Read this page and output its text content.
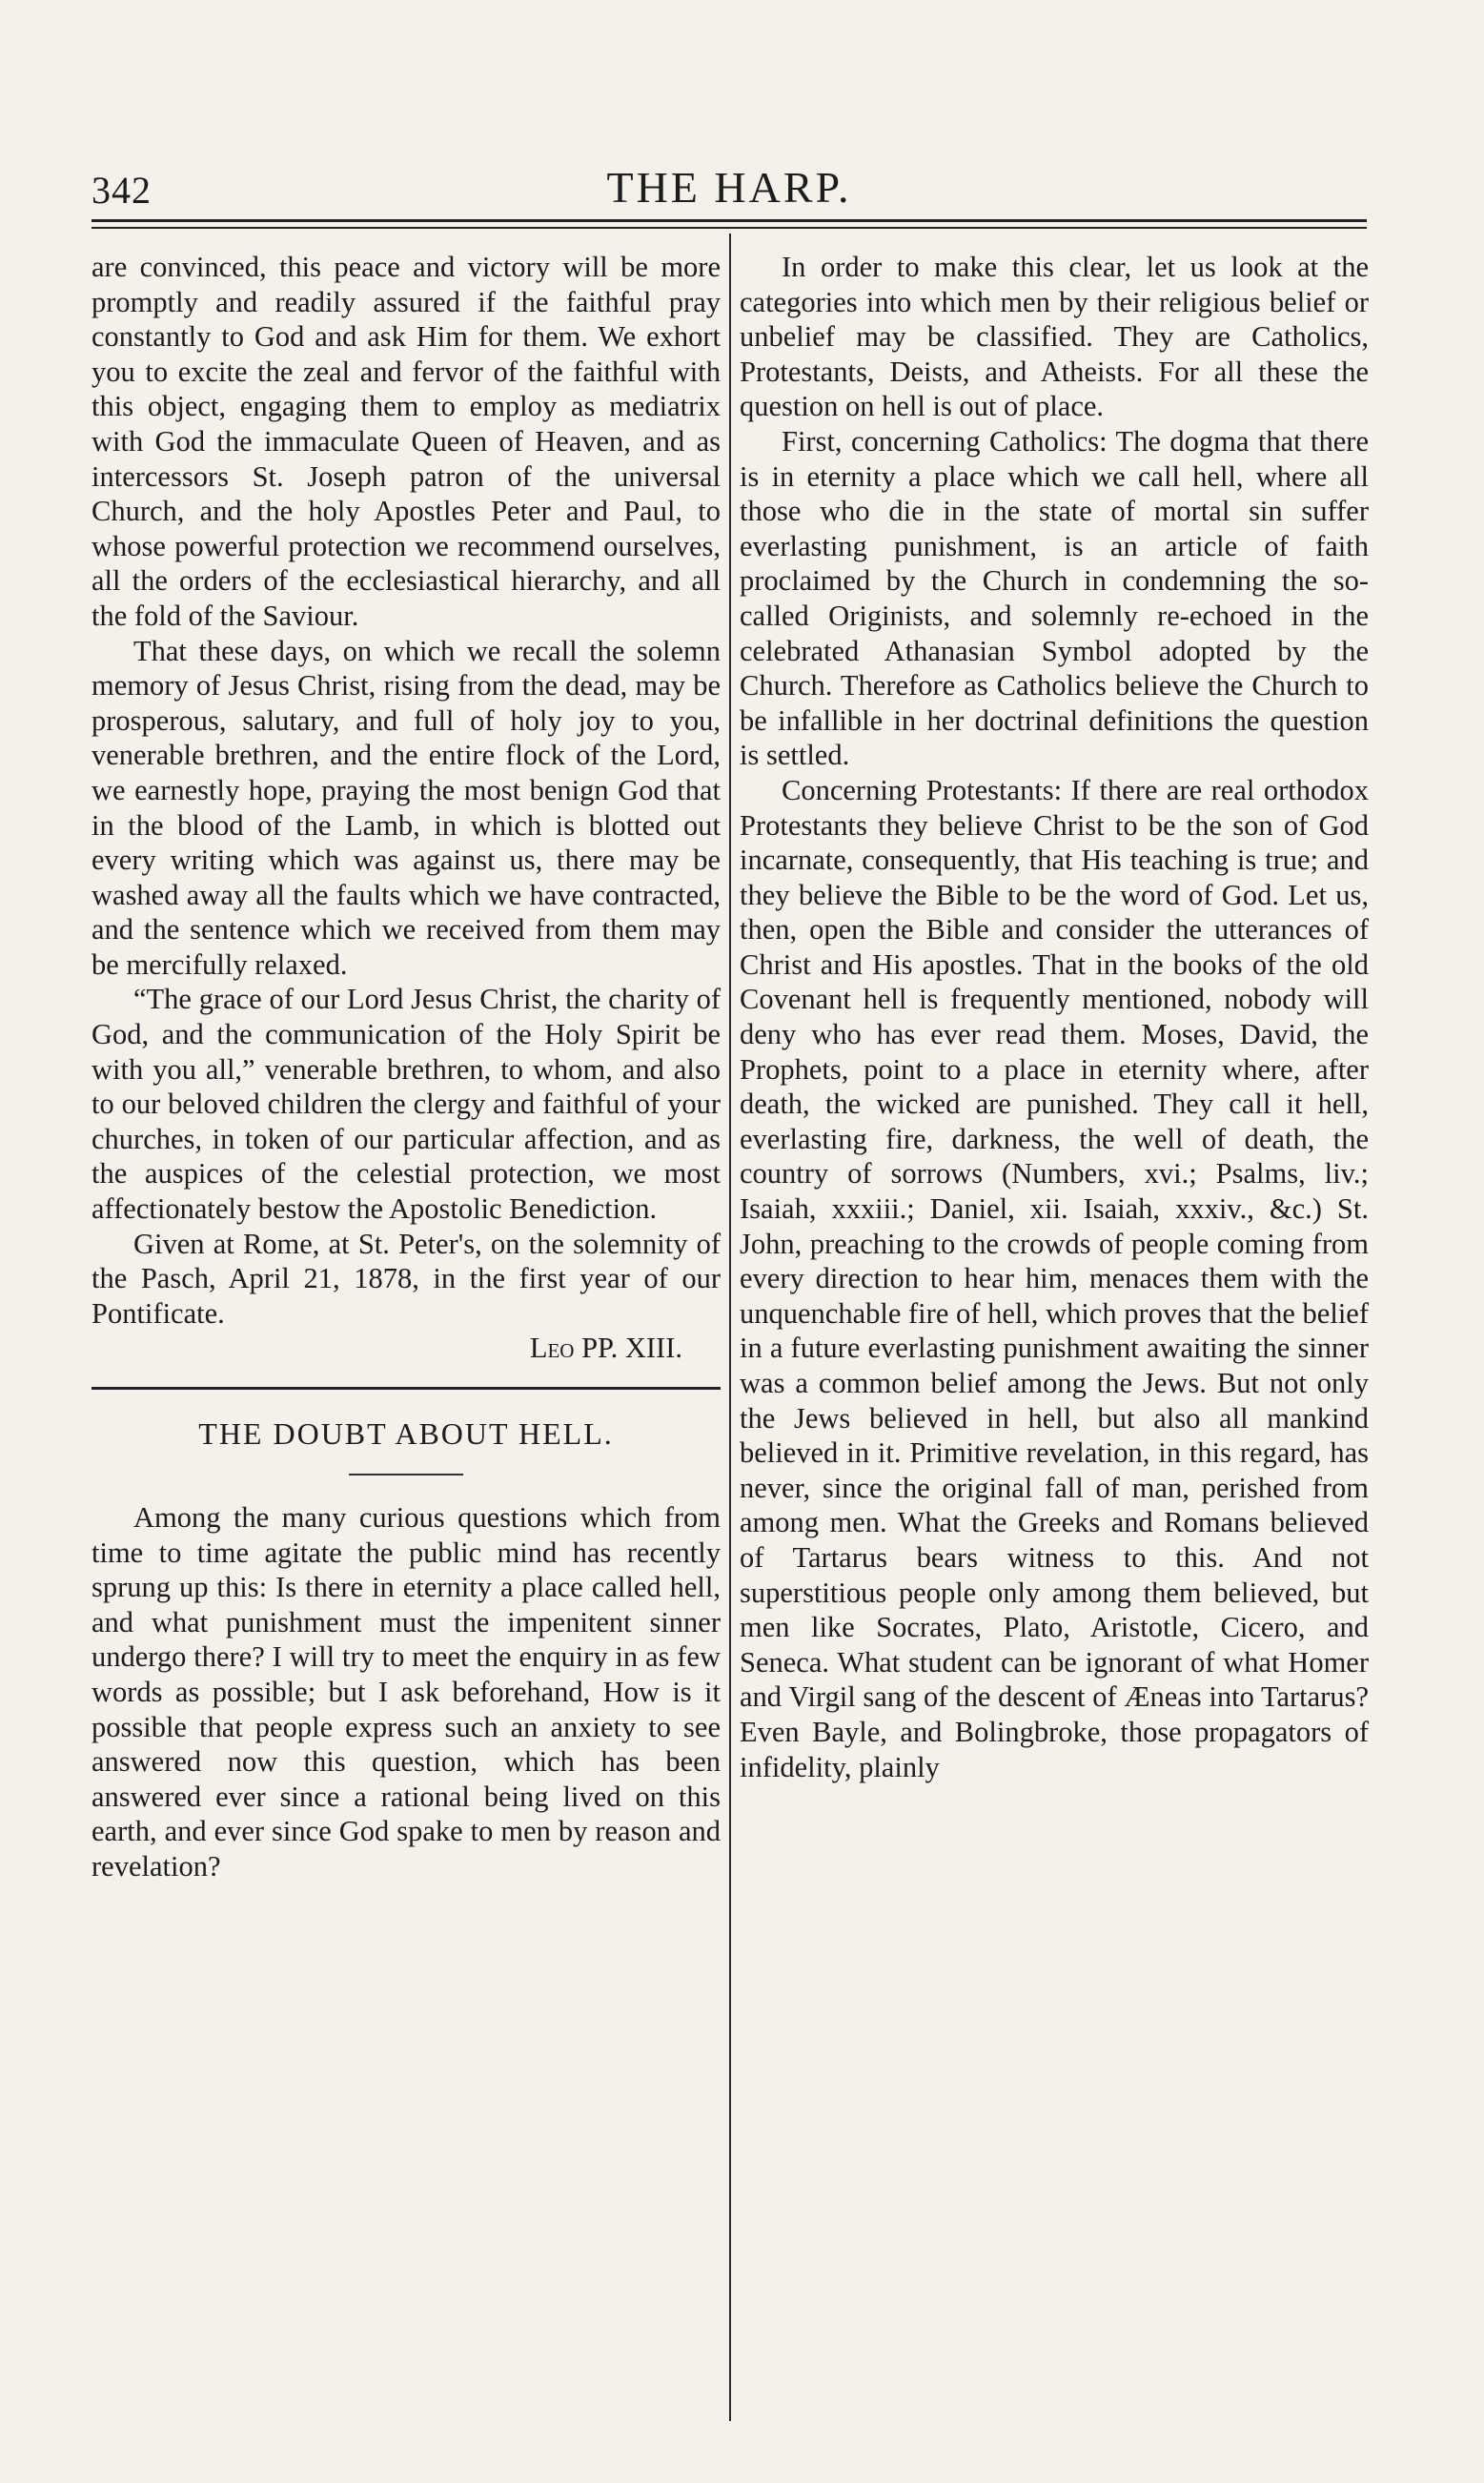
342	THE HARP.

are convinced, this peace and victory will be more promptly and readily assured if the faithful pray constantly to God and ask Him for them. We exhort you to excite the zeal and fervor of the faithful with this object, engaging them to employ as mediatrix with God the immaculate Queen of Heaven, and as intercessors St. Joseph patron of the universal Church, and the holy Apostles Peter and Paul, to whose powerful protection we recommend ourselves, all the orders of the ecclesiastical hierarchy, and all the fold of the Saviour.

That these days, on which we recall the solemn memory of Jesus Christ, rising from the dead, may be prosperous, salutary, and full of holy joy to you, venerable brethren, and the entire flock of the Lord, we earnestly hope, praying the most benign God that in the blood of the Lamb, in which is blotted out every writing which was against us, there may be washed away all the faults which we have contracted, and the sentence which we received from them may be mercifully relaxed.

“The grace of our Lord Jesus Christ, the charity of God, and the communication of the Holy Spirit be with you all,” venerable brethren, to whom, and also to our beloved children the clergy and faithful of your churches, in token of our particular affection, and as the auspices of the celestial protection, we most affectionately bestow the Apostolic Benediction.

Given at Rome, at St. Peter's, on the solemnity of the Pasch, April 21, 1878, in the first year of our Pontificate.

Leo PP. XIII.

THE DOUBT ABOUT HELL.

Among the many curious questions which from time to time agitate the public mind has recently sprung up this: Is there in eternity a place called hell, and what punishment must the impenitent sinner undergo there? I will try to meet the enquiry in as few words as possible; but I ask beforehand, How is it possible that people express such an anxiety to see answered now this question, which has been answered ever since a rational being lived on this earth, and ever since God spake to men by reason and revelation?

In order to make this clear, let us look at the categories into which men by their religious belief or unbelief may be classified. They are Catholics, Protestants, Deists, and Atheists. For all these the question on hell is out of place.

First, concerning Catholics: The dogma that there is in eternity a place which we call hell, where all those who die in the state of mortal sin suffer everlasting punishment, is an article of faith proclaimed by the Church in condemning the so-called Originists, and solemnly re-echoed in the celebrated Athanasian Symbol adopted by the Church. Therefore as Catholics believe the Church to be infallible in her doctrinal definitions the question is settled.

Concerning Protestants: If there are real orthodox Protestants they believe Christ to be the son of God incarnate, consequently, that His teaching is true; and they believe the Bible to be the word of God. Let us, then, open the Bible and consider the utterances of Christ and His apostles. That in the books of the old Covenant hell is frequently mentioned, nobody will deny who has ever read them. Moses, David, the Prophets, point to a place in eternity where, after death, the wicked are punished. They call it hell, everlasting fire, darkness, the well of death, the country of sorrows (Numbers, xvi.; Psalms, liv.; Isaiah, xxxiii.; Daniel, xii. Isaiah, xxxiv., &c.) St. John, preaching to the crowds of people coming from every direction to hear him, menaces them with the unquenchable fire of hell, which proves that the belief in a future everlasting punishment awaiting the sinner was a common belief among the Jews. But not only the Jews believed in hell, but also all mankind believed in it. Primitive revelation, in this regard, has never, since the original fall of man, perished from among men. What the Greeks and Romans believed of Tartarus bears witness to this. And not superstitious people only among them believed, but men like Socrates, Plato, Aristotle, Cicero, and Seneca. What student can be ignorant of what Homer and Virgil sang of the descent of Æneas into Tartarus? Even Bayle, and Bolingbroke, those propagators of infidelity, plainly
